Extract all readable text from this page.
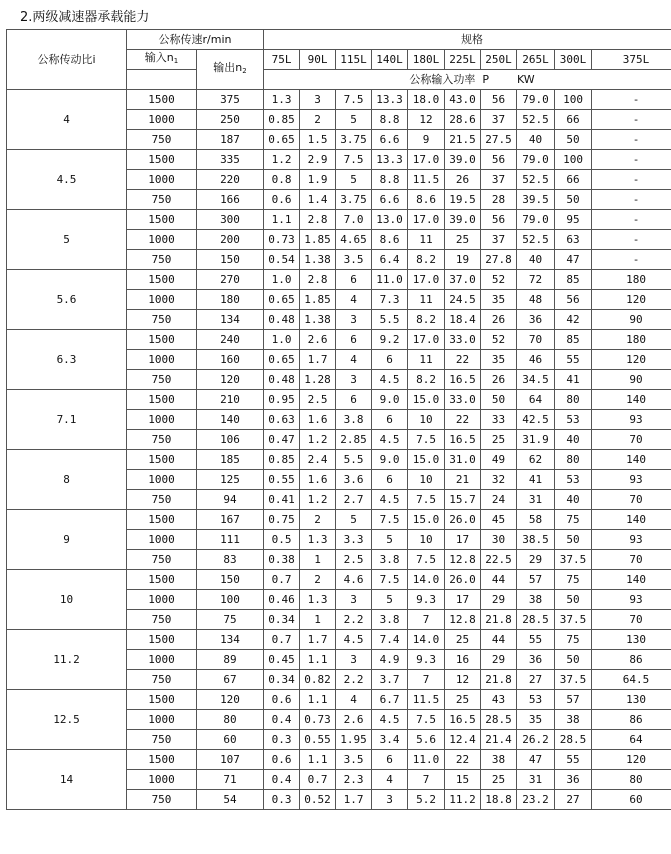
2.两级减速器承载能力
公称传动比i	公称传速r/min		规格									
	输入$n_1$	输出$n_2$	75L	90L	115L	140L	180L	225L	250L	265L	300L	375L
			公称输入功率  P        KW									
4	1500	375	1.3	3	7.5	13.3	18.0	43.0	56	79.0	100	-
	1000	250	0.85	2	5	8.8	12	28.6	37	52.5	66	-
	750	187	0.65	1.5	3.75	6.6	9	21.5	27.5	40	50	-
4.5	1500	335	1.2	2.9	7.5	13.3	17.0	39.0	56	79.0	100	-
	1000	220	0.8	1.9	5	8.8	11.5	26	37	52.5	66	-
	750	166	0.6	1.4	3.75	6.6	8.6	19.5	28	39.5	50	-
5	1500	300	1.1	2.8	7.0	13.0	17.0	39.0	56	79.0	95	-
	1000	200	0.73	1.85	4.65	8.6	11	25	37	52.5	63	-
	750	150	0.54	1.38	3.5	6.4	8.2	19	27.8	40	47	-
5.6	1500	270	1.0	2.8	6	11.0	17.0	37.0	52	72	85	180
	1000	180	0.65	1.85	4	7.3	11	24.5	35	48	56	120
	750	134	0.48	1.38	3	5.5	8.2	18.4	26	36	42	90
6.3	1500	240	1.0	2.6	6	9.2	17.0	33.0	52	70	85	180
	1000	160	0.65	1.7	4	6	11	22	35	46	55	120
	750	120	0.48	1.28	3	4.5	8.2	16.5	26	34.5	41	90
7.1	1500	210	0.95	2.5	6	9.0	15.0	33.0	50	64	80	140
	1000	140	0.63	1.6	3.8	6	10	22	33	42.5	53	93
	750	106	0.47	1.2	2.85	4.5	7.5	16.5	25	31.9	40	70
8	1500	185	0.85	2.4	5.5	9.0	15.0	31.0	49	62	80	140
	1000	125	0.55	1.6	3.6	6	10	21	32	41	53	93
	750	94	0.41	1.2	2.7	4.5	7.5	15.7	24	31	40	70
9	1500	167	0.75	2	5	7.5	15.0	26.0	45	58	75	140
	1000	111	0.5	1.3	3.3	5	10	17	30	38.5	50	93
	750	83	0.38	1	2.5	3.8	7.5	12.8	22.5	29	37.5	70
10	1500	150	0.7	2	4.6	7.5	14.0	26.0	44	57	75	140
	1000	100	0.46	1.3	3	5	9.3	17	29	38	50	93
	750	75	0.34	1	2.2	3.8	7	12.8	21.8	28.5	37.5	70
11.2	1500	134	0.7	1.7	4.5	7.4	14.0	25	44	55	75	130
	1000	89	0.45	1.1	3	4.9	9.3	16	29	36	50	86
	750	67	0.34	0.82	2.2	3.7	7	12	21.8	27	37.5	64.5
12.5	1500	120	0.6	1.1	4	6.7	11.5	25	43	53	57	130
	1000	80	0.4	0.73	2.6	4.5	7.5	16.5	28.5	35	38	86
	750	60	0.3	0.55	1.95	3.4	5.6	12.4	21.4	26.2	28.5	64
14	1500	107	0.6	1.1	3.5	6	11.0	22	38	47	55	120
	1000	71	0.4	0.7	2.3	4	7	15	25	31	36	80
	750	54	0.3	0.52	1.7	3	5.2	11.2	18.8	23.2	27	60
